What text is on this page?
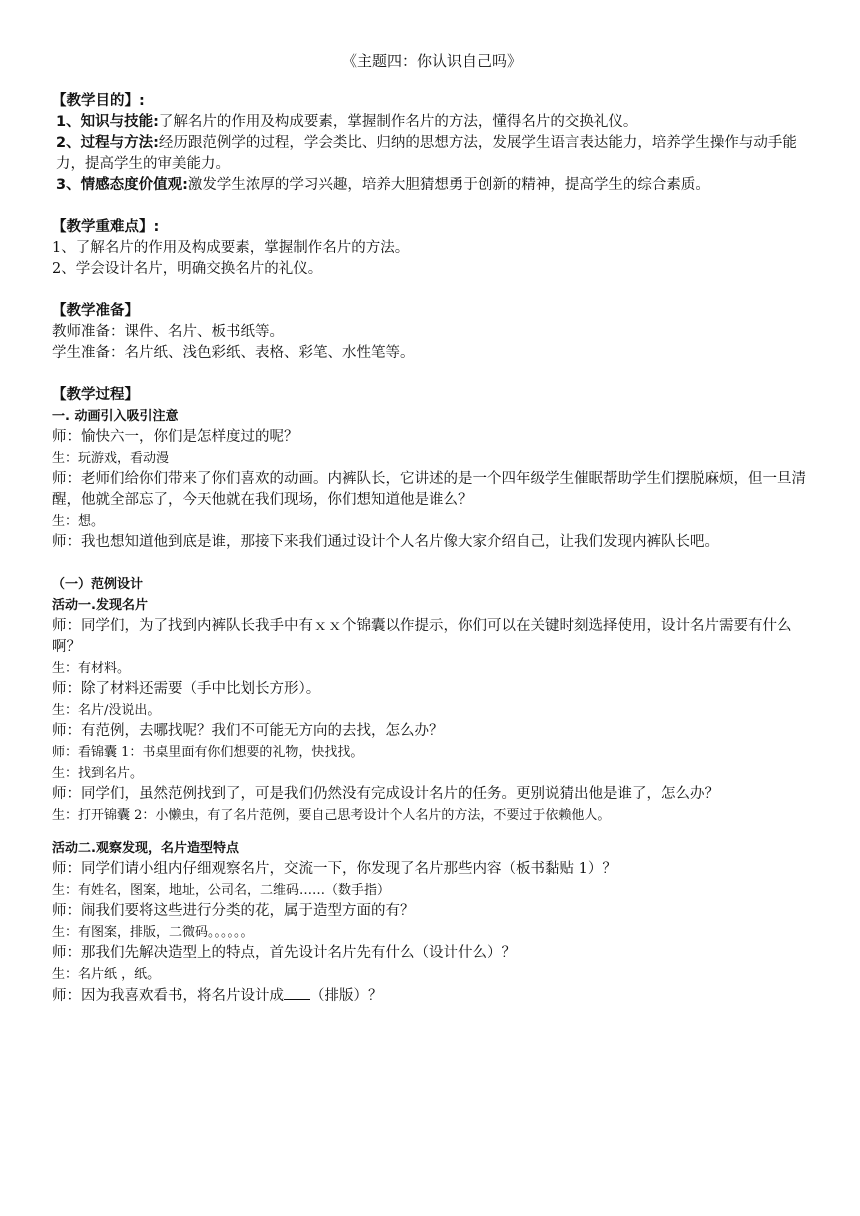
《主题四：你认识自己吗》
【教学目的】:
1、知识与技能:了解名片的作用及构成要素，掌握制作名片的方法，懂得名片的交换礼仪。
2、过程与方法:经历跟范例学的过程，学会类比、归纳的思想方法，发展学生语言表达能力，培养学生操作与动手能力，提高学生的审美能力。
3、情感态度价值观:激发学生浓厚的学习兴趣，培养大胆猜想勇于创新的精神，提高学生的综合素质。
【教学重难点】:
1、了解名片的作用及构成要素，掌握制作名片的方法。
2、学会设计名片，明确交换名片的礼仪。
【教学准备】
教师准备：课件、名片、板书纸等。
学生准备：名片纸、浅色彩纸、表格、彩笔、水性笔等。
【教学过程】
一. 动画引入吸引注意
师：愉快六一，你们是怎样度过的呢？
生：玩游戏，看动漫
师：老师们给你们带来了你们喜欢的动画。内裤队长，它讲述的是一个四年级学生催眠帮助学生们摆脱麻烦，但一旦清醒，他就全部忘了，今天他就在我们现场，你们想知道他是谁么？
生：想。
师：我也想知道他到底是谁，那接下来我们通过设计个人名片像大家介绍自己，让我们发现内裤队长吧。
（一）范例设计
活动一.发现名片
师：同学们，为了找到内裤队长我手中有ｘｘ个锦囊以作提示，你们可以在关键时刻选择使用，设计名片需要有什么啊？
生：有材料。
师：除了材料还需要（手中比划长方形）。
生：名片/没说出。
师：有范例，去哪找呢？我们不可能无方向的去找，怎么办？
师：看锦囊 1：书桌里面有你们想要的礼物，快找找。
生：找到名片。
师：同学们，虽然范例找到了，可是我们仍然没有完成设计名片的任务。更别说猜出他是谁了，怎么办？
生：打开锦囊 2：小懒虫，有了名片范例，要自己思考设计个人名片的方法，不要过于依赖他人。
活动二.观察发现，名片造型特点
师：同学们请小组内仔细观察名片，交流一下，你发现了名片那些内容（板书黏贴 1）？
生：有姓名，图案，地址，公司名，二维码……（数手指）
师：闹我们要将这些进行分类的花，属于造型方面的有？
生：有图案，排版，二微码。。。。。。
师：那我们先解决造型上的特点，首先设计名片先有什么（设计什么）？
生：名片纸 ，纸。
师：因为我喜欢看书，将名片设计成 （排版）？
